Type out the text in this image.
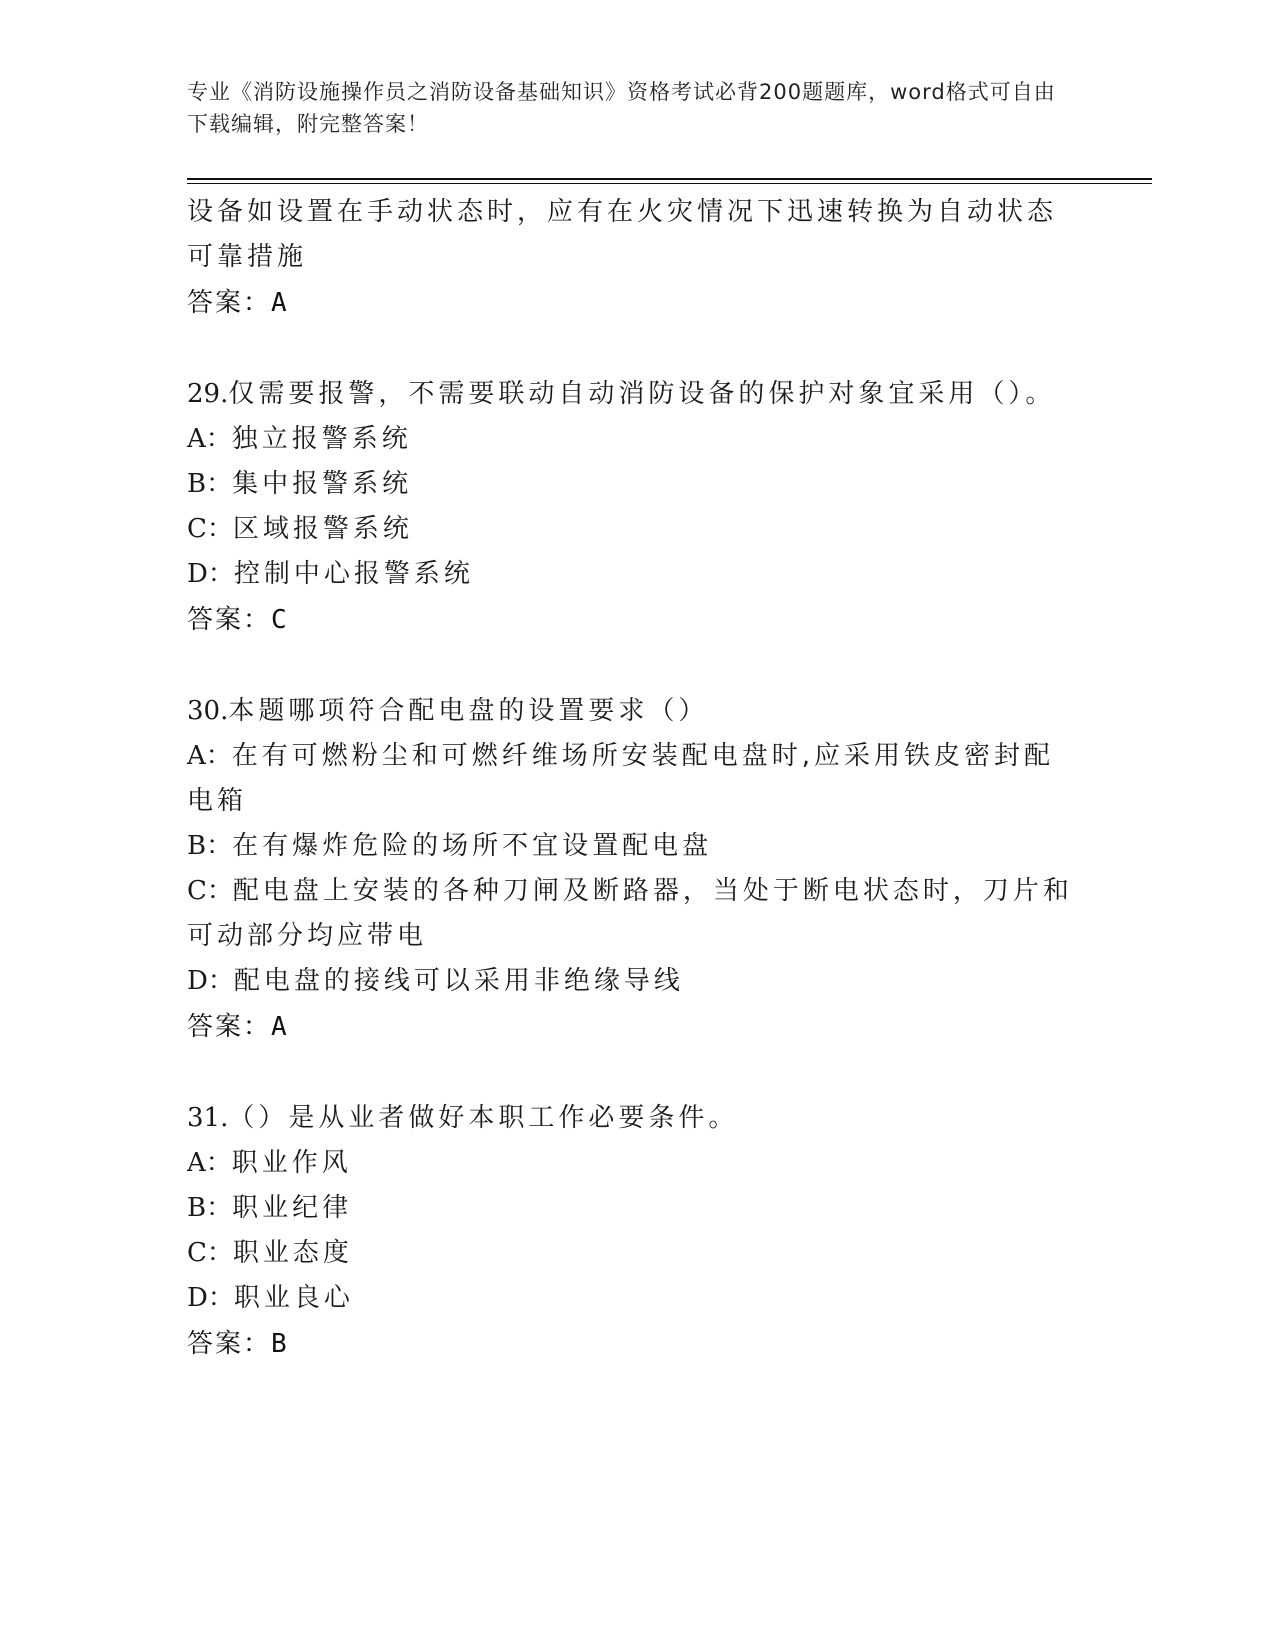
专业《消防设施操作员之消防设备基础知识》资格考试必背200题题库，word格式可自由下载编辑，附完整答案！
设备如设置在手动状态时，应有在火灾情况下迅速转换为自动状态可靠措施
答案：A
29.仅需要报警，不需要联动自动消防设备的保护对象宜采用（）。
A：独立报警系统
B：集中报警系统
C：区域报警系统
D：控制中心报警系统
答案：C
30.本题哪项符合配电盘的设置要求（）
A：在有可燃粉尘和可燃纤维场所安装配电盘时,应采用铁皮密封配电箱
B：在有爆炸危险的场所不宜设置配电盘
C：配电盘上安装的各种刀闸及断路器，当处于断电状态时，刀片和可动部分均应带电
D：配电盘的接线可以采用非绝缘导线
答案：A
31.（）是从业者做好本职工作必要条件。
A：职业作风
B：职业纪律
C：职业态度
D：职业良心
答案：B
